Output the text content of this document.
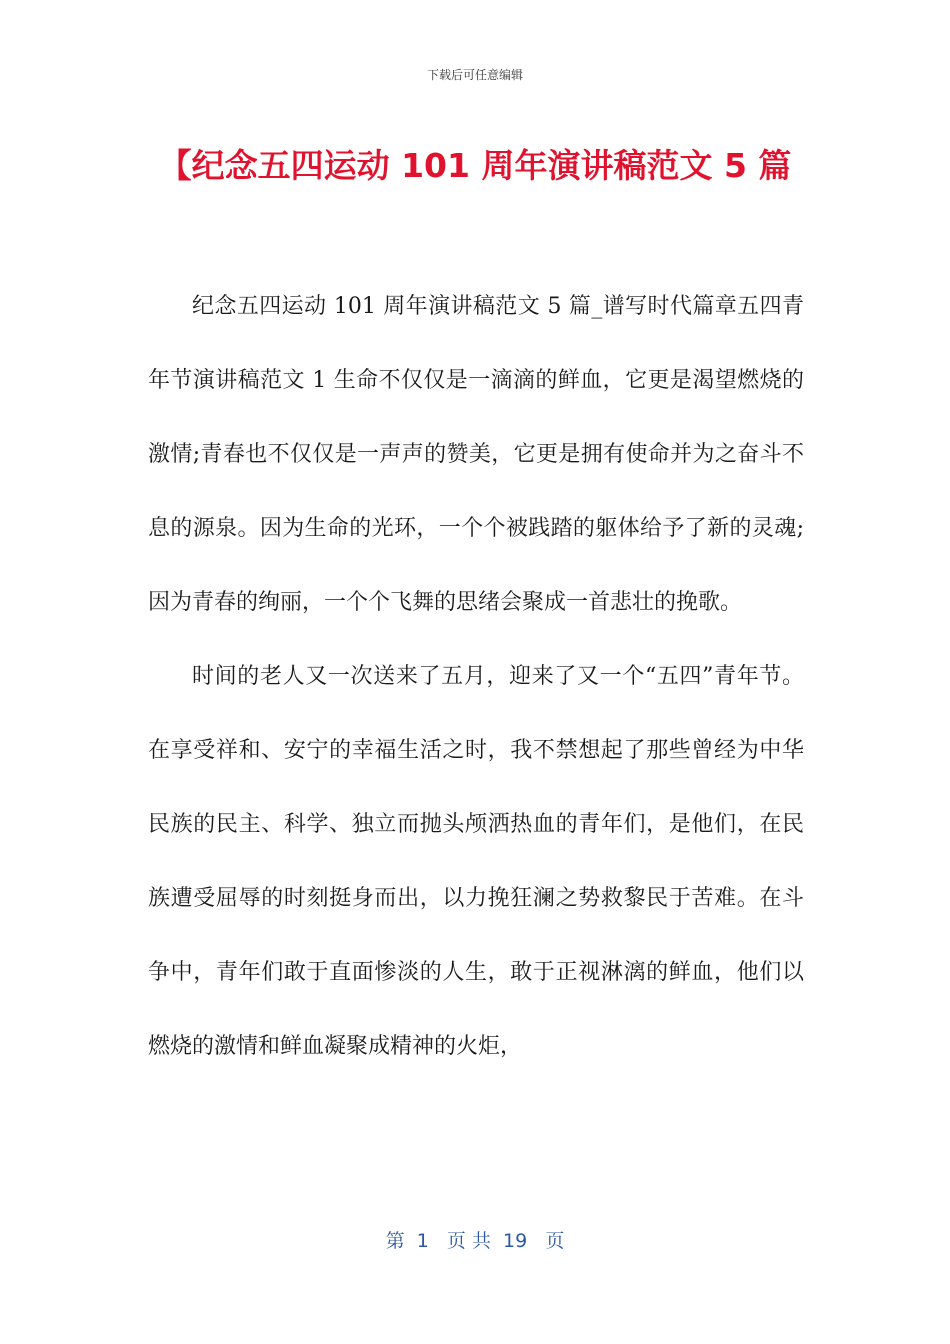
下载后可任意编辑
【纪念五四运动 101 周年演讲稿范文 5 篇

纪念五四运动 101 周年演讲稿范文 5 篇_谱写时代篇章五四青年节演讲稿范文 1 生命不仅仅是一滴滴的鲜血，它更是渴望燃烧的激情;青春也不仅仅是一声声的赞美，它更是拥有使命并为之奋斗不息的源泉。因为生命的光环，一个个被践踏的躯体给予了新的灵魂;因为青春的绚丽，一个个飞舞的思绪会聚成一首悲壮的挽歌。

时间的老人又一次送来了五月，迎来了又一个“五四”青年节。在享受祥和、安宁的幸福生活之时，我不禁想起了那些曾经为中华民族的民主、科学、独立而抛头颅洒热血的青年们，是他们，在民族遭受屈辱的时刻挺身而出，以力挽狂澜之势救黎民于苦难。在斗争中，青年们敢于直面惨淡的人生，敢于正视淋漓的鲜血，他们以燃烧的激情和鲜血凝聚成精神的火炬，

第  1   页 共  19   页
